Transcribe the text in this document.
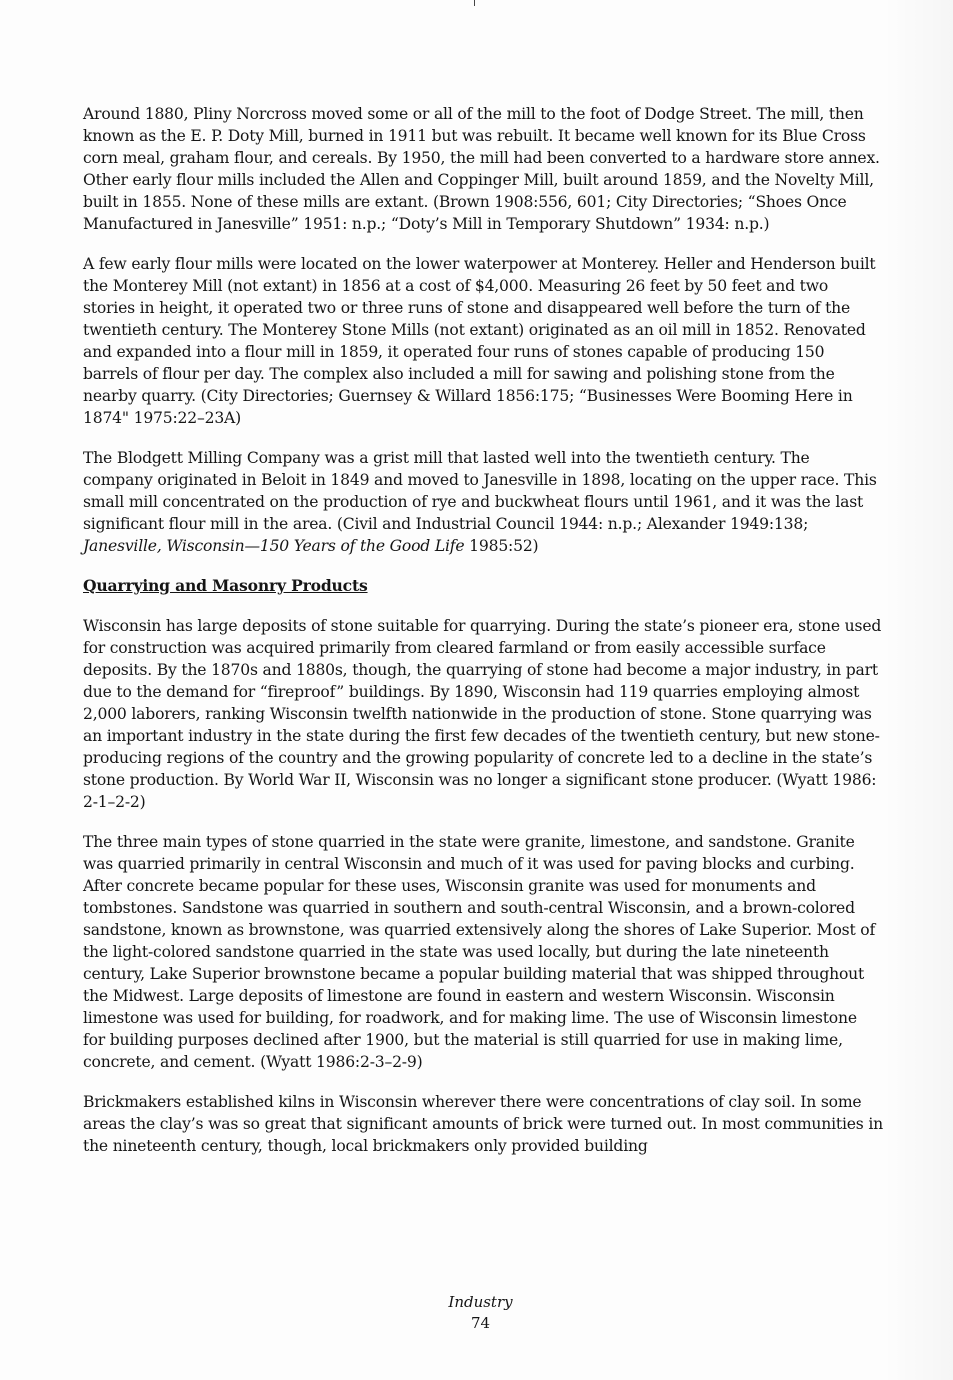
Around 1880, Pliny Norcross moved some or all of the mill to the foot of Dodge Street. The mill, then known as the E. P. Doty Mill, burned in 1911 but was rebuilt. It became well known for its Blue Cross corn meal, graham flour, and cereals. By 1950, the mill had been converted to a hardware store annex. Other early flour mills included the Allen and Coppinger Mill, built around 1859, and the Novelty Mill, built in 1855. None of these mills are extant. (Brown 1908:556, 601; City Directories; “Shoes Once Manufactured in Janesville” 1951: n.p.; “Doty’s Mill in Temporary Shutdown” 1934: n.p.)

A few early flour mills were located on the lower waterpower at Monterey. Heller and Henderson built the Monterey Mill (not extant) in 1856 at a cost of $4,000. Measuring 26 feet by 50 feet and two stories in height, it operated two or three runs of stone and disappeared well before the turn of the twentieth century. The Monterey Stone Mills (not extant) originated as an oil mill in 1852. Renovated and expanded into a flour mill in 1859, it operated four runs of stones capable of producing 150 barrels of flour per day. The complex also included a mill for sawing and polishing stone from the nearby quarry. (City Directories; Guernsey & Willard 1856:175; “Businesses Were Booming Here in 1874" 1975:22–23A)

The Blodgett Milling Company was a grist mill that lasted well into the twentieth century. The company originated in Beloit in 1849 and moved to Janesville in 1898, locating on the upper race. This small mill concentrated on the production of rye and buckwheat flours until 1961, and it was the last significant flour mill in the area. (Civil and Industrial Council 1944: n.p.; Alexander 1949:138; Janesville, Wisconsin—150 Years of the Good Life 1985:52)

Quarrying and Masonry Products

Wisconsin has large deposits of stone suitable for quarrying. During the state’s pioneer era, stone used for construction was acquired primarily from cleared farmland or from easily accessible surface deposits. By the 1870s and 1880s, though, the quarrying of stone had become a major industry, in part due to the demand for “fireproof” buildings. By 1890, Wisconsin had 119 quarries employing almost 2,000 laborers, ranking Wisconsin twelfth nationwide in the production of stone. Stone quarrying was an important industry in the state during the first few decades of the twentieth century, but new stone-producing regions of the country and the growing popularity of concrete led to a decline in the state’s stone production. By World War II, Wisconsin was no longer a significant stone producer. (Wyatt 1986: 2-1–2-2)

The three main types of stone quarried in the state were granite, limestone, and sandstone. Granite was quarried primarily in central Wisconsin and much of it was used for paving blocks and curbing. After concrete became popular for these uses, Wisconsin granite was used for monuments and tombstones. Sandstone was quarried in southern and south-central Wisconsin, and a brown-colored sandstone, known as brownstone, was quarried extensively along the shores of Lake Superior. Most of the light-colored sandstone quarried in the state was used locally, but during the late nineteenth century, Lake Superior brownstone became a popular building material that was shipped throughout the Midwest. Large deposits of limestone are found in eastern and western Wisconsin. Wisconsin limestone was used for building, for roadwork, and for making lime. The use of Wisconsin limestone for building purposes declined after 1900, but the material is still quarried for use in making lime, concrete, and cement. (Wyatt 1986:2-3–2-9)

Brickmakers established kilns in Wisconsin wherever there were concentrations of clay soil. In some areas the clay’s was so great that significant amounts of brick were turned out. In most communities in the nineteenth century, though, local brickmakers only provided building

Industry
74
